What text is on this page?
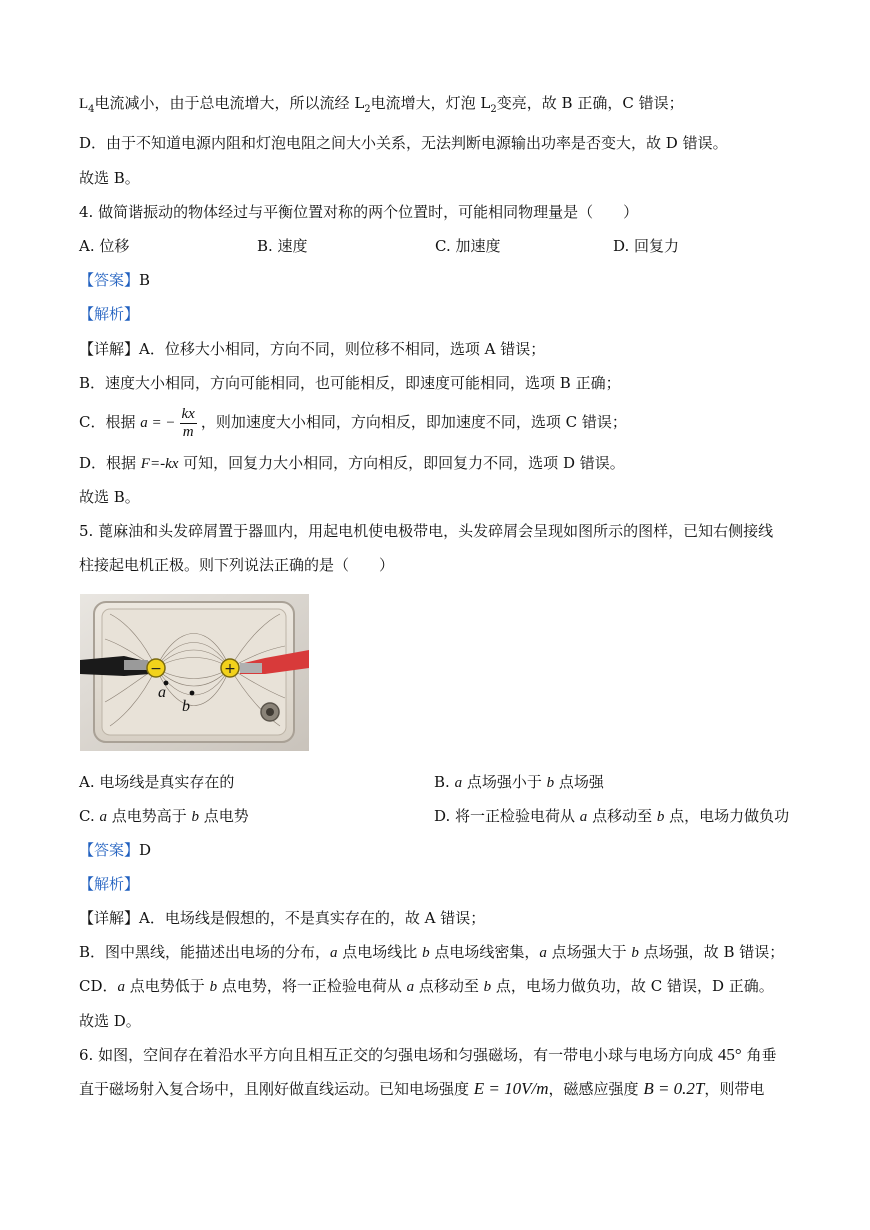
$L_4$电流减小，由于总电流增大，所以流经 $L_2$电流增大，灯泡 $L_2$变亮，故 B 正确，C 错误；
D．由于不知道电源内阻和灯泡电阻之间大小关系，无法判断电源输出功率是否变大，故 D 错误。
故选 B。
4. 做简谐振动的物体经过与平衡位置对称的两个位置时，可能相同物理量是（　　）
A. 位移	B. 速度	C. 加速度	D. 回复力
【答案】B
【解析】
【详解】A．位移大小相同，方向不同，则位移不相同，选项 A 错误；
B．速度大小相同，方向可能相同，也可能相反，即速度可能相同，选项 B 正确；
C．根据 a = − $\frac{kx}{m}$ ，则加速度大小相同，方向相反，即加速度不同，选项 C 错误；
D．根据 F=-kx 可知，回复力大小相同，方向相反，即回复力不同，选项 D 错误。
故选 B。
5. 蓖麻油和头发碎屑置于器皿内，用起电机使电极带电，头发碎屑会呈现如图所示的图样，已知右侧接线
柱接起电机正极。则下列说法正确的是（　　）
−	+
a
b
A. 电场线是真实存在的	B. a 点场强小于 b 点场强
C. a 点电势高于 b 点电势	D. 将一正检验电荷从 a 点移动至 b 点，电场力做负功
【答案】D
【解析】
【详解】A．电场线是假想的，不是真实存在的，故 A 错误；
B．图中黑线，能描述出电场的分布，a 点电场线比 b 点电场线密集，a 点场强大于 b 点场强，故 B 错误；
CD．a 点电势低于 b 点电势，将一正检验电荷从 a 点移动至 b 点，电场力做负功，故 C 错误，D 正确。
故选 D。
6. 如图，空间存在着沿水平方向且相互正交的匀强电场和匀强磁场，有一带电小球与电场方向成 45° 角垂
直于磁场射入复合场中，且刚好做直线运动。已知电场强度 E = 10V/m，磁感应强度 B = 0.2T，则带电
